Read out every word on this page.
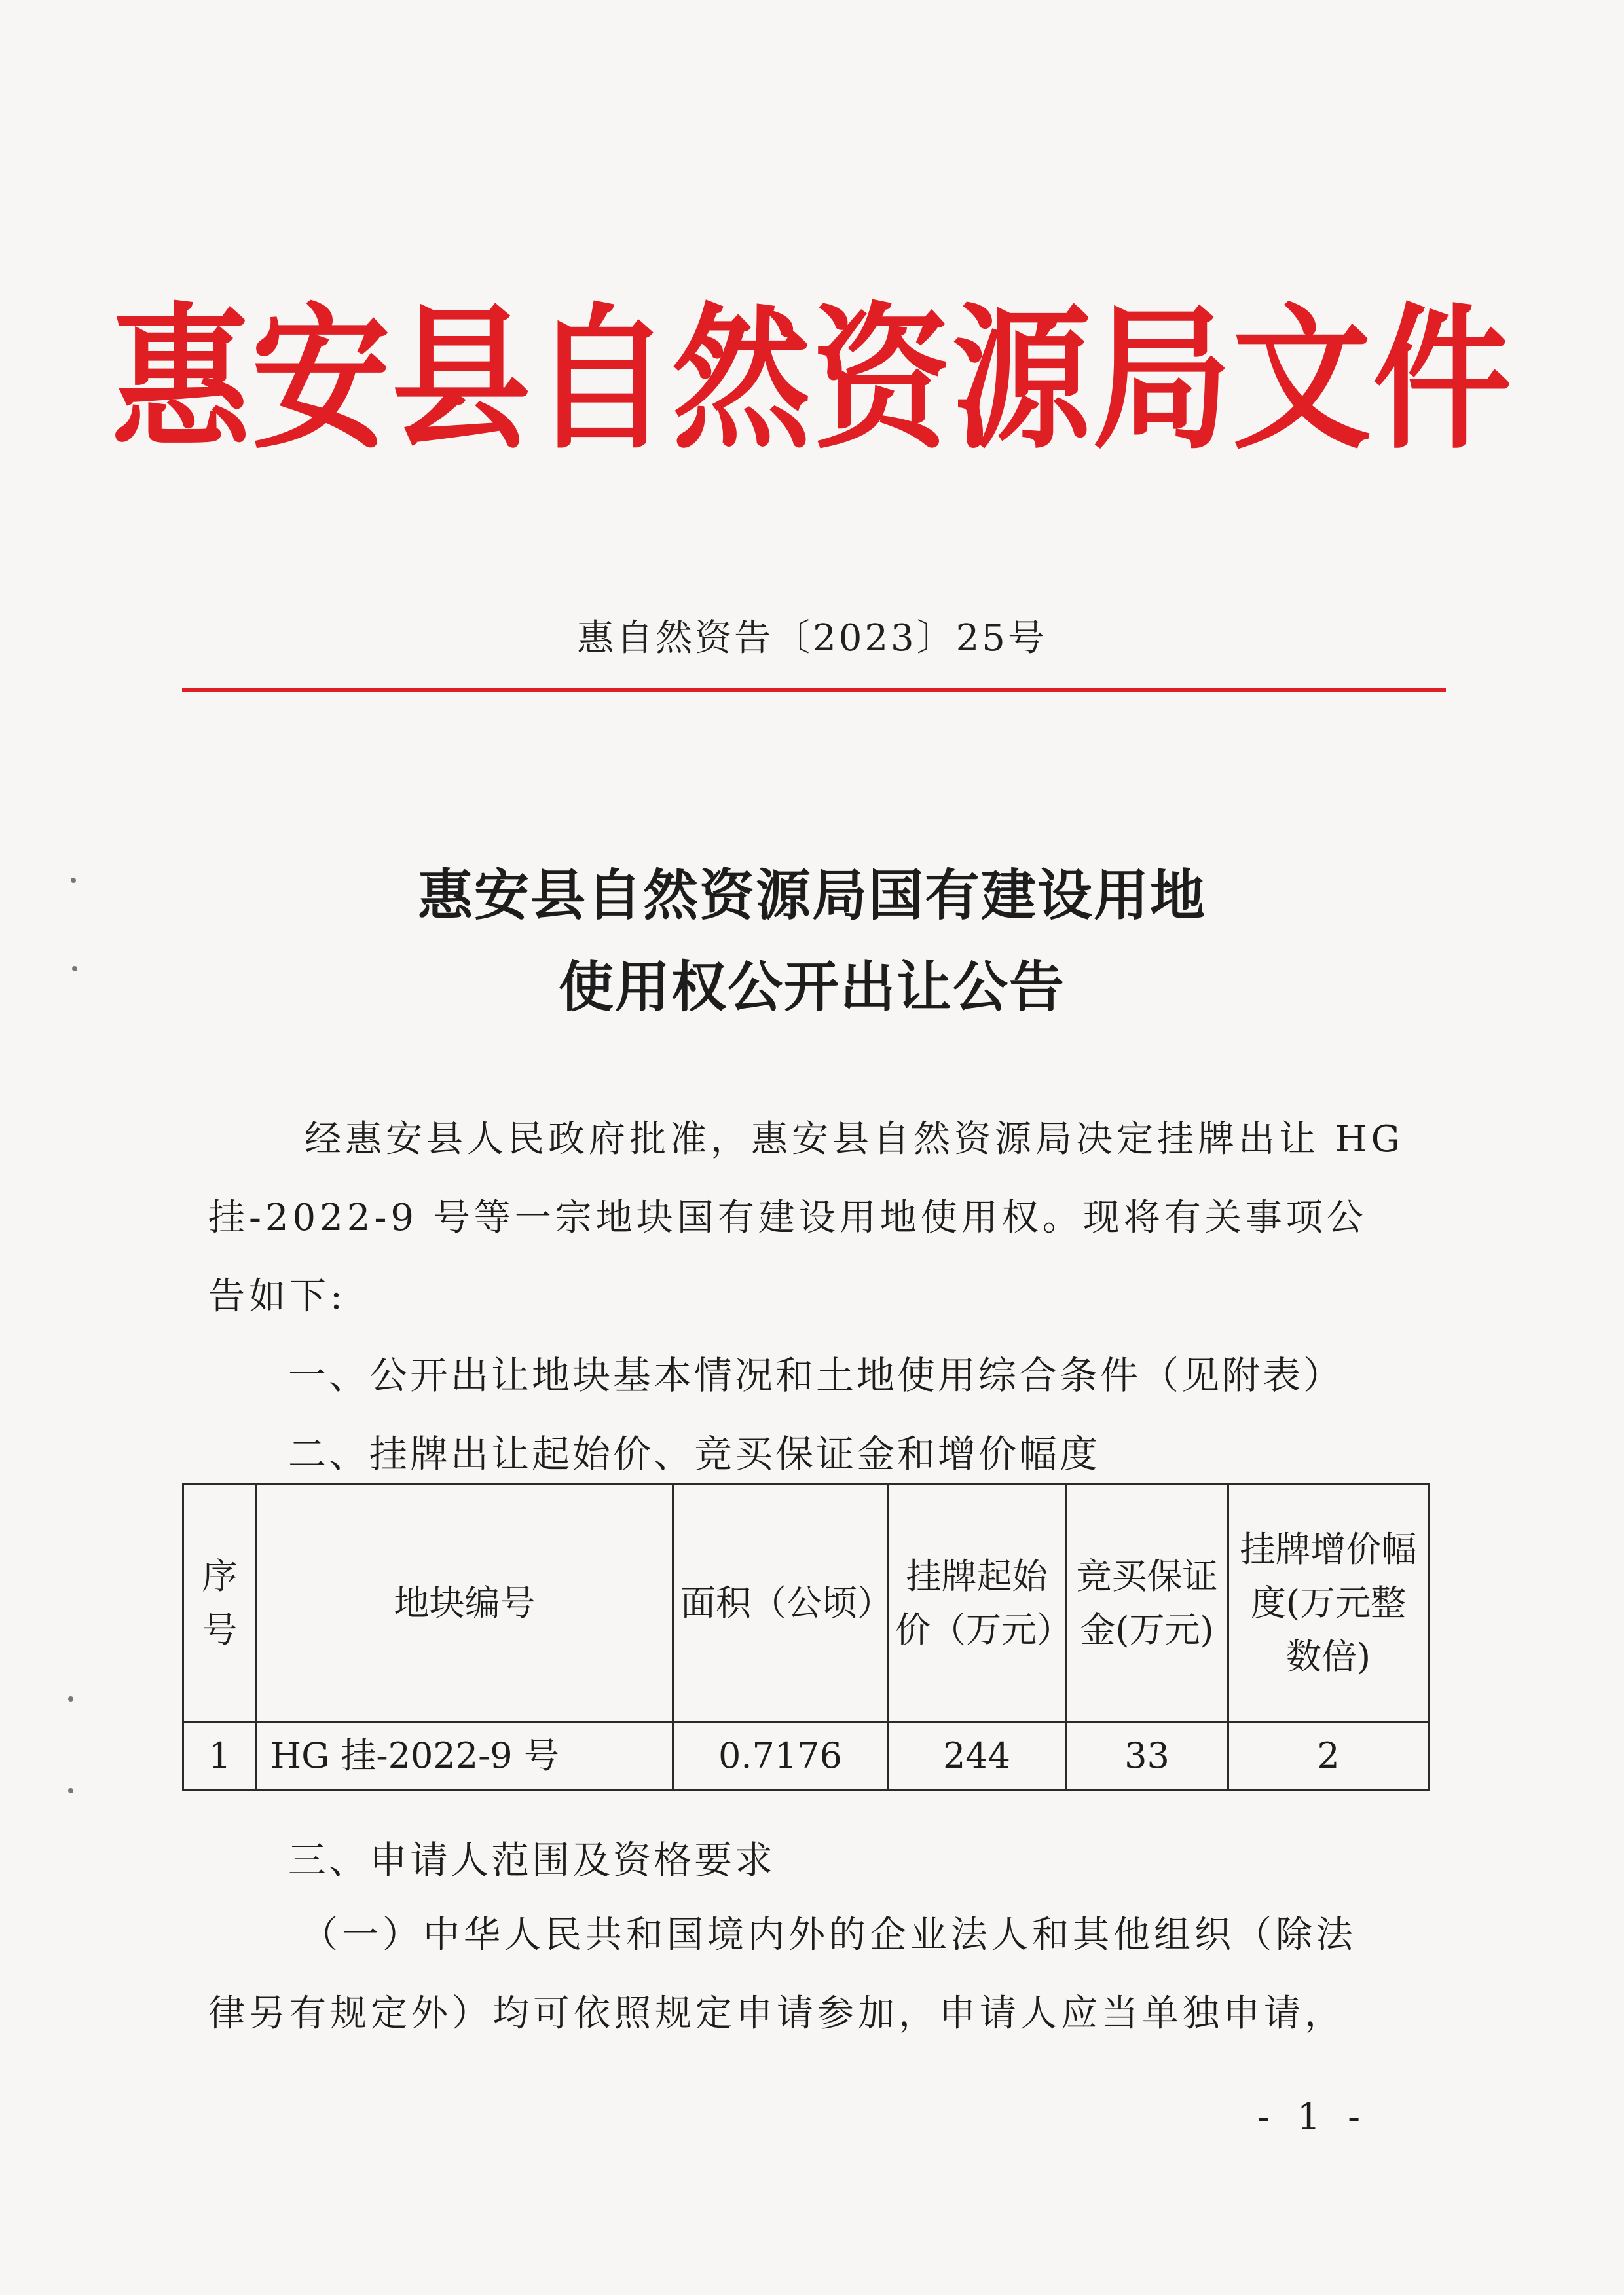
惠安县自然资源局文件
惠自然资告〔2023〕25号
惠安县自然资源局国有建设用地
使用权公开出让公告
经惠安县人民政府批准，惠安县自然资源局决定挂牌出让 HG
挂-2022-9 号等一宗地块国有建设用地使用权。现将有关事项公
告如下:
一、公开出让地块基本情况和土地使用综合条件（见附表）
二、挂牌出让起始价、竞买保证金和增价幅度
序号	地块编号	面积（公顷）	挂牌起始价（万元）	竞买保证金(万元)	挂牌增价幅度(万元整数倍)
1	HG 挂-2022-9 号	0.7176	244	33	2
三、申请人范围及资格要求
（一）中华人民共和国境内外的企业法人和其他组织（除法
律另有规定外）均可依照规定申请参加，申请人应当单独申请，
- 1 -
